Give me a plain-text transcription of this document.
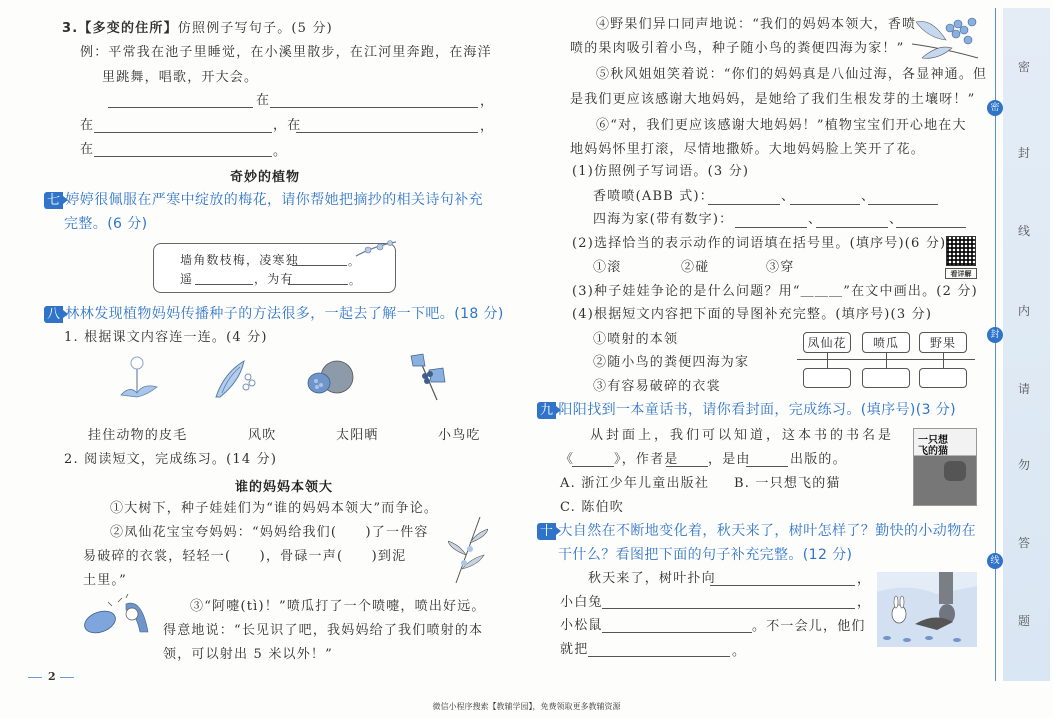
3.【多变的住所】仿照例子写句子。(5 分)
例：平常我在池子里睡觉，在小溪里散步，在江河里奔跑，在海洋
里跳舞，唱歌，开大会。
在	，
在	，在	，
在	。
奇妙的植物
七 婷婷很佩服在严寒中绽放的梅花，请你帮她把摘抄的相关诗句补充
完整。(6 分)
墙角数枝梅，凌寒独	。
遥	，为有	。
八 林林发现植物妈妈传播种子的方法很多，一起去了解一下吧。(18 分)
1. 根据课文内容连一连。(4 分)
挂住动物的皮毛	风吹	太阳晒	小鸟吃
2. 阅读短文，完成练习。(14 分)
谁的妈妈本领大
①大树下，种子娃娃们为“谁的妈妈本领大”而争论。
②凤仙花宝宝夸妈妈：“妈妈给我们(　　)了一件容
易破碎的衣裳，轻轻一(　　)，骨碌一声(　　)到泥
土里。”
③“阿嚏(tì)！”喷瓜打了一个喷嚏，喷出好远。
得意地说：“长见识了吧，我妈妈给了我们喷射的本
领，可以射出 5 米以外！”
2
④野果们异口同声地说：“我们的妈妈本领大，香喷
喷的果肉吸引着小鸟，种子随小鸟的粪便四海为家！”
⑤秋风姐姐笑着说：“你们的妈妈真是八仙过海，各显神通。但
是我们更应该感谢大地妈妈，是她给了我们生根发芽的土壤呀！”
⑥“对，我们更应该感谢大地妈妈！”植物宝宝们开心地在大
地妈妈怀里打滚，尽情地撒娇。大地妈妈脸上笑开了花。
(1)仿照例子写词语。(3 分)
香喷喷(ABB 式)：	、	、
四海为家(带有数字)：	、	、
(2)选择恰当的表示动作的词语填在括号里。(填序号)(6 分)
看详解
①滚	②碰	③穿
(3)种子娃娃争论的是什么问题？用“＿＿＿”在文中画出。(2 分)
(4)根据短文内容把下面的导图补充完整。(填序号)(3 分)
①喷射的本领
②随小鸟的粪便四海为家
③有容易破碎的衣裳
凤仙花	喷瓜	野果
九 阳阳找到一本童话书，请你看封面，完成练习。(填序号)(3 分)
从封面上，我们可以知道，这本书的书名是
《	》，作者是 ，是由	出版的。
A. 浙江少年儿童出版社 B. 一只想飞的猫
C. 陈伯吹
一只想飞的猫
十 大自然在不断地变化着，秋天来了，树叶怎样了？勤快的小动物在
干什么？看图把下面的句子补充完整。(12 分)
秋天来了，树叶扑向	，
小白兔	，
小松鼠	。不一会儿，他们
就把	。
密
封
线
内
请
勿
答
题
密
封
线
微信小程序搜索【教辅学园】，免费领取更多教辅资源
